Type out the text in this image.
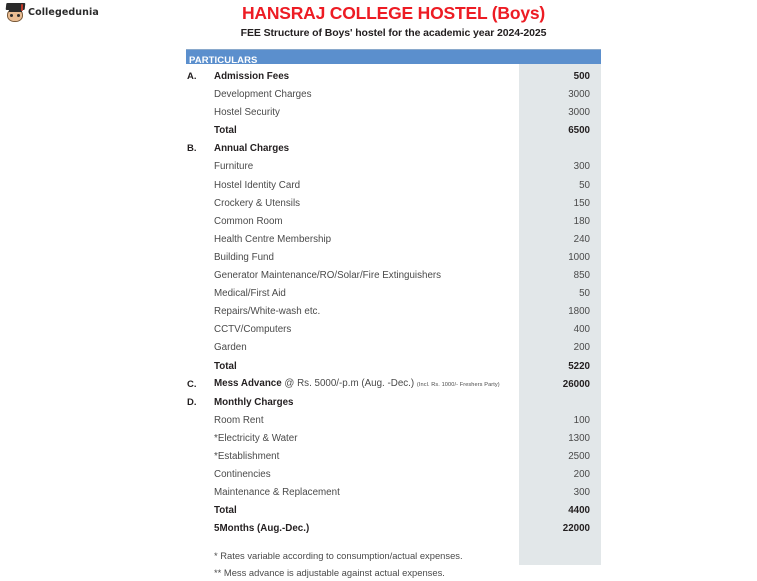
Collegedunia	HANSRAJ COLLEGE HOSTEL (Boys)
FEE Structure of Boys' hostel for the academic year 2024-2025
PARTICULARS
A.	Admission Fees	500
Development Charges	3000
Hostel Security	3000
Total	6500
B.	Annual Charges
Furniture	300
Hostel Identity Card	50
Crockery & Utensils	150
Common Room	180
Health Centre Membership	240
Building Fund	1000
Generator Maintenance/RO/Solar/Fire Extinguishers	850
Medical/First Aid	50
Repairs/White-wash etc.	1800
CCTV/Computers	400
Garden	200
Total	5220
C.	Mess Advance @ Rs. 5000/-p.m (Aug. -Dec.) (Incl. Rs. 1000/- Freshers Party)	26000
D.	Monthly Charges
Room Rent	100
*Electricity & Water	1300
*Establishment	2500
Continencies	200
Maintenance & Replacement	300
Total	4400
5Months (Aug.-Dec.)	22000
* Rates variable according to consumption/actual expenses.
** Mess advance is adjustable against actual expenses.
